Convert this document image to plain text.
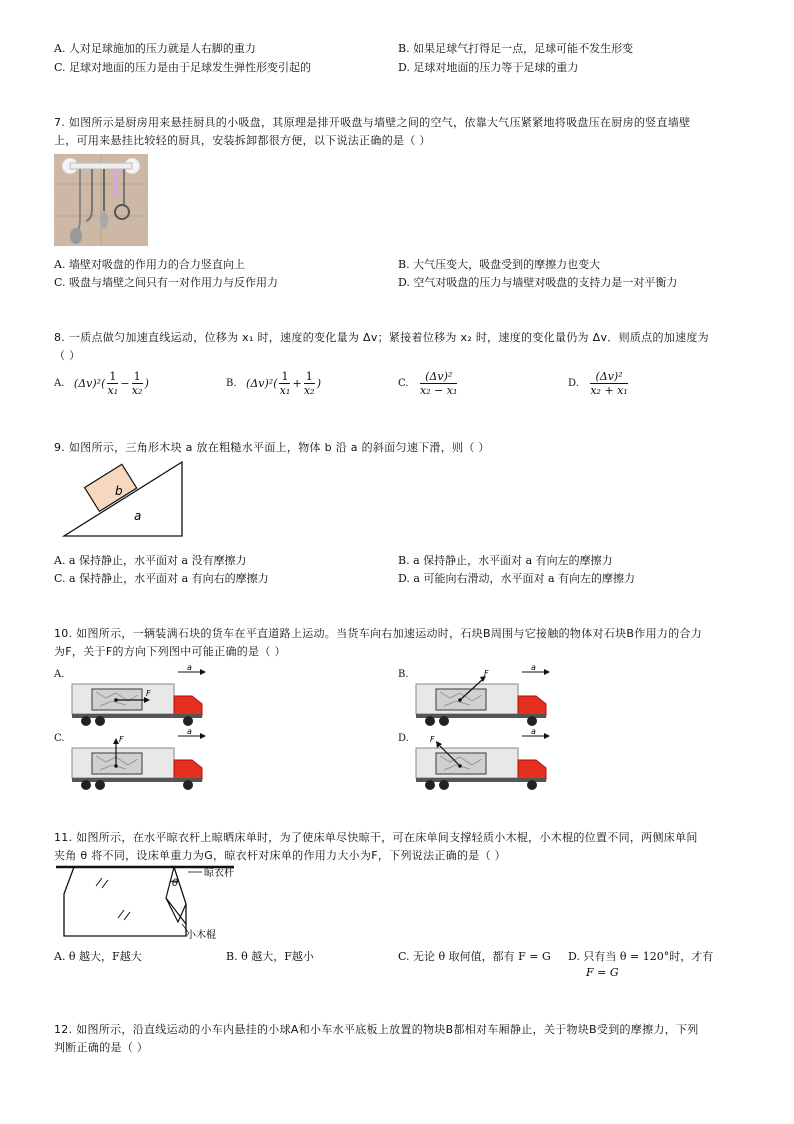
A. 人对足球施加的压力就是人右脚的重力	B. 如果足球气打得足一点，足球可能不发生形变
C. 足球对地面的压力是由于足球发生弹性形变引起的	D. 足球对地面的压力等于足球的重力
7. 如图所示是厨房用来悬挂厨具的小吸盘，其原理是排开吸盘与墙壁之间的空气，依靠大气压紧紧地将吸盘压在厨房的竖直墙壁
上，可用来悬挂比较轻的厨具，安装拆卸都很方便，以下说法正确的是（ ）
A. 墙壁对吸盘的作用力的合力竖直向上	B. 大气压变大，吸盘受到的摩擦力也变大
C. 吸盘与墙壁之间只有一对作用力与反作用力	D. 空气对吸盘的压力与墙壁对吸盘的支持力是一对平衡力
8. 一质点做匀加速直线运动，位移为 x₁ 时，速度的变化量为 Δv；紧接着位移为 x₂ 时，速度的变化量仍为 Δv．则质点的加速度为
（ ）
A. $(\Delta v)^2( \frac{1}{\text{x₁}} - \frac{1}{\text{x₂}}$ )	B. $(\Delta v)^2( \frac{1}{\text{x₁}} + \frac{1}{\text{x₂}}$ )	C. $\frac{\text{(Δv)²}}{\text{x₂ − x₁}}$	D. $\frac{\text{(Δv)²}}{\text{x₂ + x₁}}$
9. 如图所示，三角形木块 a 放在粗糙水平面上，物体 b 沿 a 的斜面匀速下滑，则（ ）
b
a
A. a 保持静止，水平面对 a 没有摩擦力	B. a 保持静止，水平面对 a 有向左的摩擦力
C. a 保持静止，水平面对 a 有向右的摩擦力	D. a 可能向右滑动，水平面对 a 有向左的摩擦力
10. 如图所示，一辆装满石块的货车在平直道路上运动。当货车向右加速运动时，石块B周围与它接触的物体对石块B作用力的合力
为F，关于F的方向下列图中可能正确的是（ ）
A.	B.
C.	D.
a
F
a
F
a
F
a
F
11. 如图所示，在水平晾衣杆上晾晒床单时，为了使床单尽快晾干，可在床单间支撑轻质小木棍，小木棍的位置不同，两侧床单间
夹角 θ 将不同，设床单重力为G，晾衣杆对床单的作用力大小为F，下列说法正确的是（ ）
θ
晾衣杆
小木棍
A. θ 越大，F越大	B. θ 越大，F越小	C. 无论 θ 取何值，都有 F = G D. 只有当 θ = 120°时，才有
F = G
12. 如图所示，沿直线运动的小车内悬挂的小球A和小车水平底板上放置的物块B都相对车厢静止，关于物块B受到的摩擦力，下列
判断正确的是（ ）
